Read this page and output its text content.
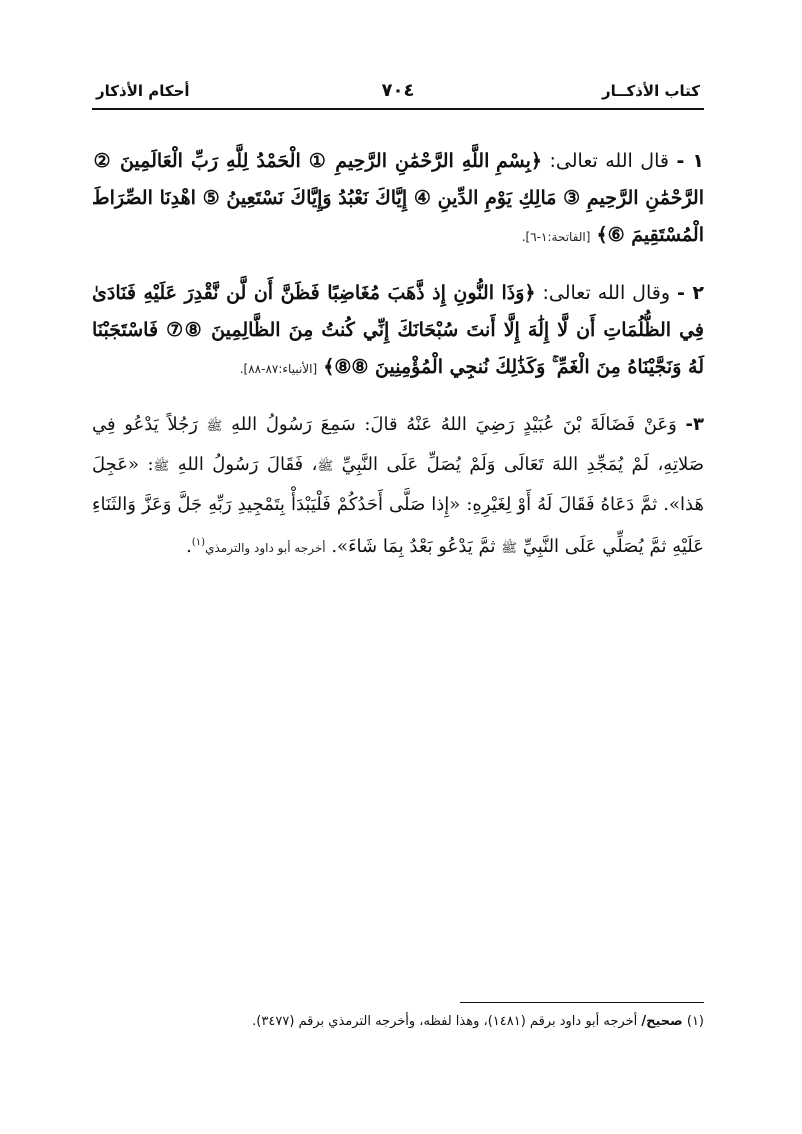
كتاب الأذكــار
٧٠٤
أحكام الأذكار

١ - قال الله تعالى: ﴿بِسْمِ اللَّهِ الرَّحْمَٰنِ الرَّحِيمِ ① الْحَمْدُ لِلَّهِ رَبِّ الْعَالَمِينَ ② الرَّحْمَٰنِ الرَّحِيمِ ③ مَالِكِ يَوْمِ الدِّينِ ④ إِيَّاكَ نَعْبُدُ وَإِيَّاكَ نَسْتَعِينُ ⑤ اهْدِنَا الصِّرَاطَ الْمُسْتَقِيمَ ⑥﴾ [الفاتحة:١-٦].

٢ - وقال الله تعالى: ﴿وَذَا النُّونِ إِذ ذَّهَبَ مُغَاضِبًا فَظَنَّ أَن لَّن نَّقْدِرَ عَلَيْهِ فَنَادَىٰ فِي الظُّلُمَاتِ أَن لَّا إِلَٰهَ إِلَّا أَنتَ سُبْحَانَكَ إِنِّي كُنتُ مِنَ الظَّالِمِينَ ⑧⑦ فَاسْتَجَبْنَا لَهُ وَنَجَّيْنَاهُ مِنَ الْغَمِّ ۚ وَكَذَٰلِكَ نُنجِي الْمُؤْمِنِينَ ⑧⑧﴾ [الأنبياء:٨٧-٨٨].

٣- وَعَنْ فَضَالَةَ بْنَ عُبَيْدٍ رَضِيَ اللهُ عَنْهُ قالَ: سَمِعَ رَسُولُ اللهِ ﷺ رَجُلاً يَدْعُو فِي صَلاتِهِ، لَمْ يُمَجِّدِ اللهَ تَعَالَى وَلَمْ يُصَلِّ عَلَى النَّبِيِّ ﷺ، فَقَالَ رَسُولُ اللهِ ﷺ: «عَجِلَ هَذا». ثمَّ دَعَاهُ فَقَالَ لَهُ أَوْ لِغَيْرِهِ: «إِذا صَلَّى أَحَدُكُمْ فَلْيَبْدَأْ بِتَمْجِيدِ رَبِّهِ جَلَّ وَعَزَّ وَالثَنَاءِ عَلَيْهِ ثمَّ يُصَلِّي عَلَى النَّبِيِّ ﷺ ثمَّ يَدْعُو بَعْدُ بِمَا شَاءَ». أخرجه أبو داود والترمذي$^{(١)}$.

(١) صحيح/ أخرجه أبو داود برقم (١٤٨١)، وهذا لفظه، وأخرجه الترمذي برقم (٣٤٧٧).
